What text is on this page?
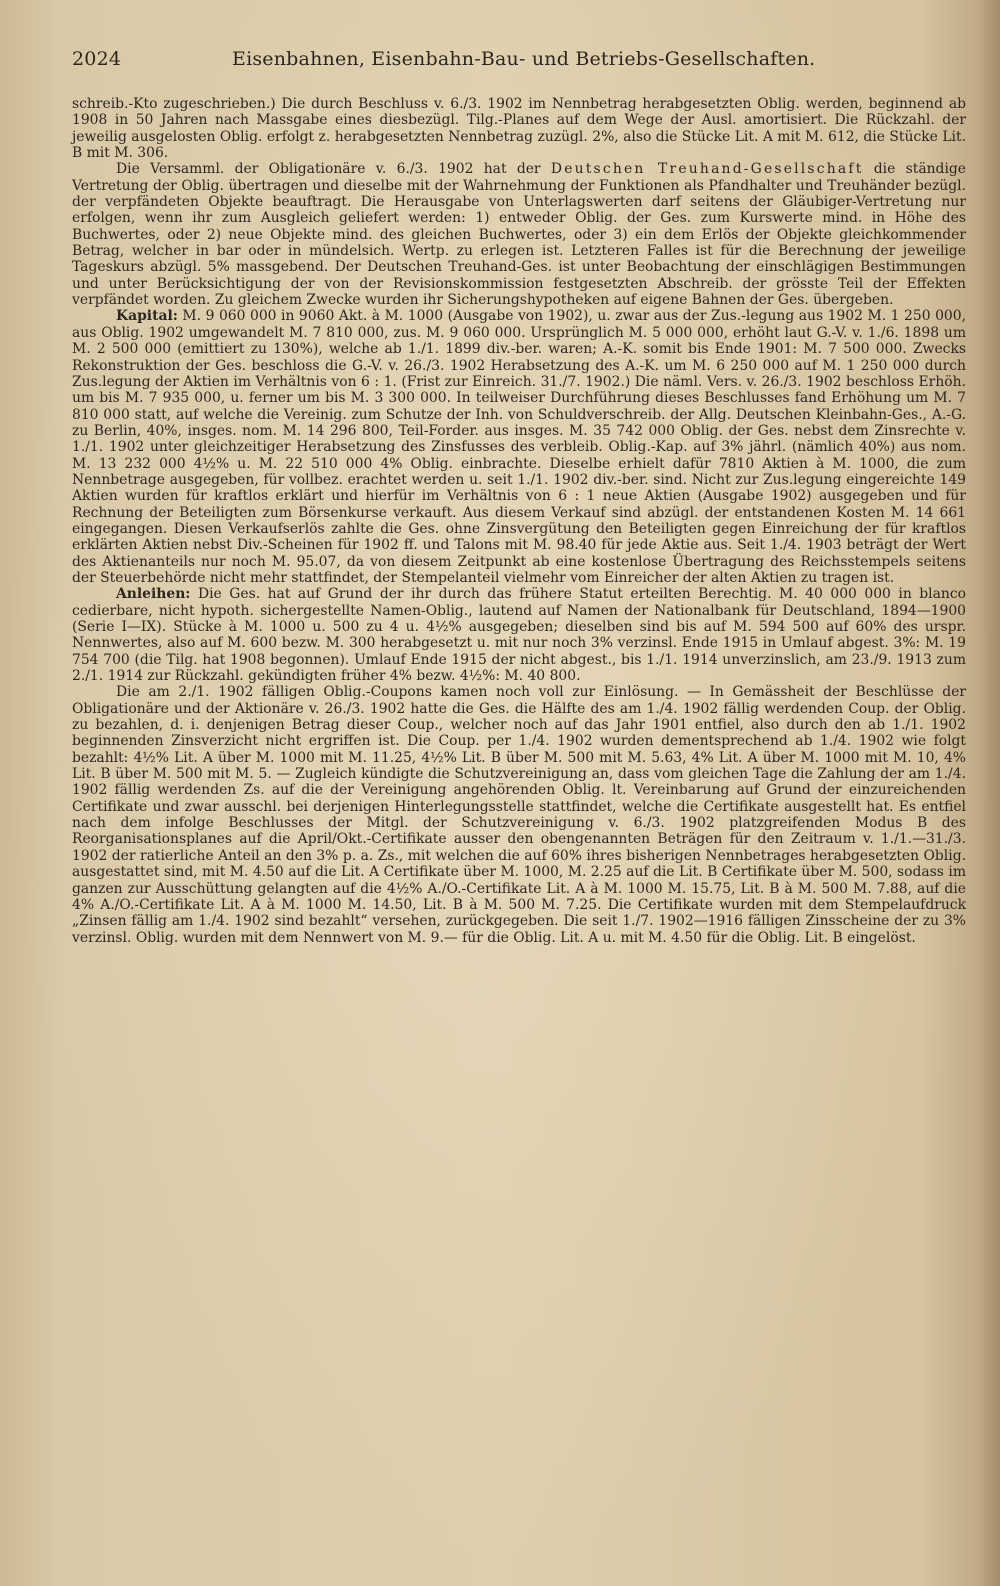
2024	Eisenbahnen, Eisenbahn-Bau- und Betriebs-Gesellschaften.

schreib.-Kto zugeschrieben.) Die durch Beschluss v. 6./3. 1902 im Nennbetrag herabgesetzten Oblig. werden, beginnend ab 1908 in 50 Jahren nach Massgabe eines diesbezügl. Tilg.-Planes auf dem Wege der Ausl. amortisiert. Die Rückzahl. der jeweilig ausgelosten Oblig. erfolgt z. herabgesetzten Nennbetrag zuzügl. 2%, also die Stücke Lit. A mit M. 612, die Stücke Lit. B mit M. 306.

Die Versamml. der Obligationäre v. 6./3. 1902 hat der Deutschen Treuhand-Gesellschaft die ständige Vertretung der Oblig. übertragen und dieselbe mit der Wahrnehmung der Funktionen als Pfandhalter und Treuhänder bezügl. der verpfändeten Objekte beauftragt. Die Herausgabe von Unterlagswerten darf seitens der Gläubiger-Vertretung nur erfolgen, wenn ihr zum Ausgleich geliefert werden: 1) entweder Oblig. der Ges. zum Kurswerte mind. in Höhe des Buchwertes, oder 2) neue Objekte mind. des gleichen Buchwertes, oder 3) ein dem Erlös der Objekte gleichkommender Betrag, welcher in bar oder in mündelsich. Wertp. zu erlegen ist. Letzteren Falles ist für die Berechnung der jeweilige Tageskurs abzügl. 5% massgebend. Der Deutschen Treuhand-Ges. ist unter Beobachtung der einschlägigen Bestimmungen und unter Berücksichtigung der von der Revisionskommission festgesetzten Abschreib. der grösste Teil der Effekten verpfändet worden. Zu gleichem Zwecke wurden ihr Sicherungshypotheken auf eigene Bahnen der Ges. übergeben.

Kapital: M. 9 060 000 in 9060 Akt. à M. 1000 (Ausgabe von 1902), u. zwar aus der Zus.-legung aus 1902 M. 1 250 000, aus Oblig. 1902 umgewandelt M. 7 810 000, zus. M. 9 060 000. Ursprünglich M. 5 000 000, erhöht laut G.-V. v. 1./6. 1898 um M. 2 500 000 (emittiert zu 130%), welche ab 1./1. 1899 div.-ber. waren; A.-K. somit bis Ende 1901: M. 7 500 000. Zwecks Rekonstruktion der Ges. beschloss die G.-V. v. 26./3. 1902 Herabsetzung des A.-K. um M. 6 250 000 auf M. 1 250 000 durch Zus.legung der Aktien im Verhältnis von 6 : 1. (Frist zur Einreich. 31./7. 1902.) Die näml. Vers. v. 26./3. 1902 beschloss Erhöh. um bis M. 7 935 000, u. ferner um bis M. 3 300 000. In teilweiser Durchführung dieses Beschlusses fand Erhöhung um M. 7 810 000 statt, auf welche die Vereinig. zum Schutze der Inh. von Schuldverschreib. der Allg. Deutschen Kleinbahn-Ges., A.-G. zu Berlin, 40%, insges. nom. M. 14 296 800, Teil-Forder. aus insges. M. 35 742 000 Oblig. der Ges. nebst dem Zinsrechte v. 1./1. 1902 unter gleichzeitiger Herabsetzung des Zinsfusses des verbleib. Oblig.-Kap. auf 3% jährl. (nämlich 40%) aus nom. M. 13 232 000 4½% u. M. 22 510 000 4% Oblig. einbrachte. Dieselbe erhielt dafür 7810 Aktien à M. 1000, die zum Nennbetrage ausgegeben, für vollbez. erachtet werden u. seit 1./1. 1902 div.-ber. sind. Nicht zur Zus.legung eingereichte 149 Aktien wurden für kraftlos erklärt und hierfür im Verhältnis von 6 : 1 neue Aktien (Ausgabe 1902) ausgegeben und für Rechnung der Beteiligten zum Börsenkurse verkauft. Aus diesem Verkauf sind abzügl. der entstandenen Kosten M. 14 661 eingegangen. Diesen Verkaufserlös zahlte die Ges. ohne Zinsvergütung den Beteiligten gegen Einreichung der für kraftlos erklärten Aktien nebst Div.-Scheinen für 1902 ff. und Talons mit M. 98.40 für jede Aktie aus. Seit 1./4. 1903 beträgt der Wert des Aktienanteils nur noch M. 95.07, da von diesem Zeitpunkt ab eine kostenlose Übertragung des Reichsstempels seitens der Steuerbehörde nicht mehr stattfindet, der Stempelanteil vielmehr vom Einreicher der alten Aktien zu tragen ist.

Anleihen: Die Ges. hat auf Grund der ihr durch das frühere Statut erteilten Berechtig. M. 40 000 000 in blanco cedierbare, nicht hypoth. sichergestellte Namen-Oblig., lautend auf Namen der Nationalbank für Deutschland, 1894—1900 (Serie I—IX). Stücke à M. 1000 u. 500 zu 4 u. 4½% ausgegeben; dieselben sind bis auf M. 594 500 auf 60% des urspr. Nennwertes, also auf M. 600 bezw. M. 300 herabgesetzt u. mit nur noch 3% verzinsl. Ende 1915 in Umlauf abgest. 3%: M. 19 754 700 (die Tilg. hat 1908 begonnen). Umlauf Ende 1915 der nicht abgest., bis 1./1. 1914 unverzinslich, am 23./9. 1913 zum 2./1. 1914 zur Rückzahl. gekündigten früher 4% bezw. 4½%: M. 40 800.

Die am 2./1. 1902 fälligen Oblig.-Coupons kamen noch voll zur Einlösung. — In Gemässheit der Beschlüsse der Obligationäre und der Aktionäre v. 26./3. 1902 hatte die Ges. die Hälfte des am 1./4. 1902 fällig werdenden Coup. der Oblig. zu bezahlen, d. i. denjenigen Betrag dieser Coup., welcher noch auf das Jahr 1901 entfiel, also durch den ab 1./1. 1902 beginnenden Zinsverzicht nicht ergriffen ist. Die Coup. per 1./4. 1902 wurden dementsprechend ab 1./4. 1902 wie folgt bezahlt: 4½% Lit. A über M. 1000 mit M. 11.25, 4½% Lit. B über M. 500 mit M. 5.63, 4% Lit. A über M. 1000 mit M. 10, 4% Lit. B über M. 500 mit M. 5. — Zugleich kündigte die Schutzvereinigung an, dass vom gleichen Tage die Zahlung der am 1./4. 1902 fällig werdenden Zs. auf die der Vereinigung angehörenden Oblig. lt. Vereinbarung auf Grund der einzureichenden Certifikate und zwar ausschl. bei derjenigen Hinterlegungsstelle stattfindet, welche die Certifikate ausgestellt hat. Es entfiel nach dem infolge Beschlusses der Mitgl. der Schutzvereinigung v. 6./3. 1902 platzgreifenden Modus B des Reorganisationsplanes auf die April/Okt.-Certifikate ausser den obengenannten Beträgen für den Zeitraum v. 1./1.—31./3. 1902 der ratierliche Anteil an den 3% p. a. Zs., mit welchen die auf 60% ihres bisherigen Nennbetrages herabgesetzten Oblig. ausgestattet sind, mit M. 4.50 auf die Lit. A Certifikate über M. 1000, M. 2.25 auf die Lit. B Certifikate über M. 500, sodass im ganzen zur Ausschüttung gelangten auf die 4½% A./O.-Certifikate Lit. A à M. 1000 M. 15.75, Lit. B à M. 500 M. 7.88, auf die 4% A./O.-Certifikate Lit. A à M. 1000 M. 14.50, Lit. B à M. 500 M. 7.25. Die Certifikate wurden mit dem Stempelaufdruck „Zinsen fällig am 1./4. 1902 sind bezahlt“ versehen, zurückgegeben. Die seit 1./7. 1902—1916 fälligen Zinsscheine der zu 3% verzinsl. Oblig. wurden mit dem Nennwert von M. 9.— für die Oblig. Lit. A u. mit M. 4.50 für die Oblig. Lit. B eingelöst.
